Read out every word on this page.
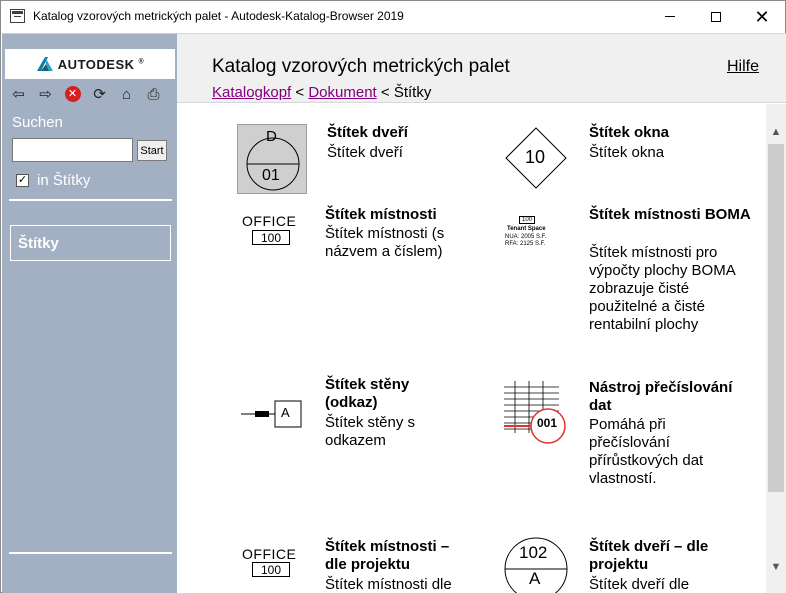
Katalog vzorových metrických palet - Autodesk-Katalog-Browser 2019	✕
AUTODESK ®
⇦ ⇨	✕ ⟳ ⌂ ⎙
Suchen
Start
✓ in Štítky
Štítky
Katalog vzorových metrických palet	Hilfe
Katalogkopf < Dokument < Štítky
D
01
Štítek dveří
Štítek dveří	10
Štítek okna
Štítek okna
OFFICE
100
Štítek místnosti
Štítek místnosti (s názvem a číslem)
100
Tenant Space
NUA: 2005 S.F.
RFA: 2125 S.F.
Štítek místnosti BOMA
Štítek místnosti pro výpočty plochy BOMA zobrazuje čisté použitelné a čisté rentabilní plochy
A
Štítek stěny (odkaz)
Štítek stěny s odkazem
001
Nástroj přečíslování dat
Pomáhá při přečíslování přírůstkových dat vlastností.
OFFICE
100
Štítek místnosti – dle projektu
Štítek místnosti dle
102
A
Štítek dveří – dle projektu
Štítek dveří dle
▲
▼
